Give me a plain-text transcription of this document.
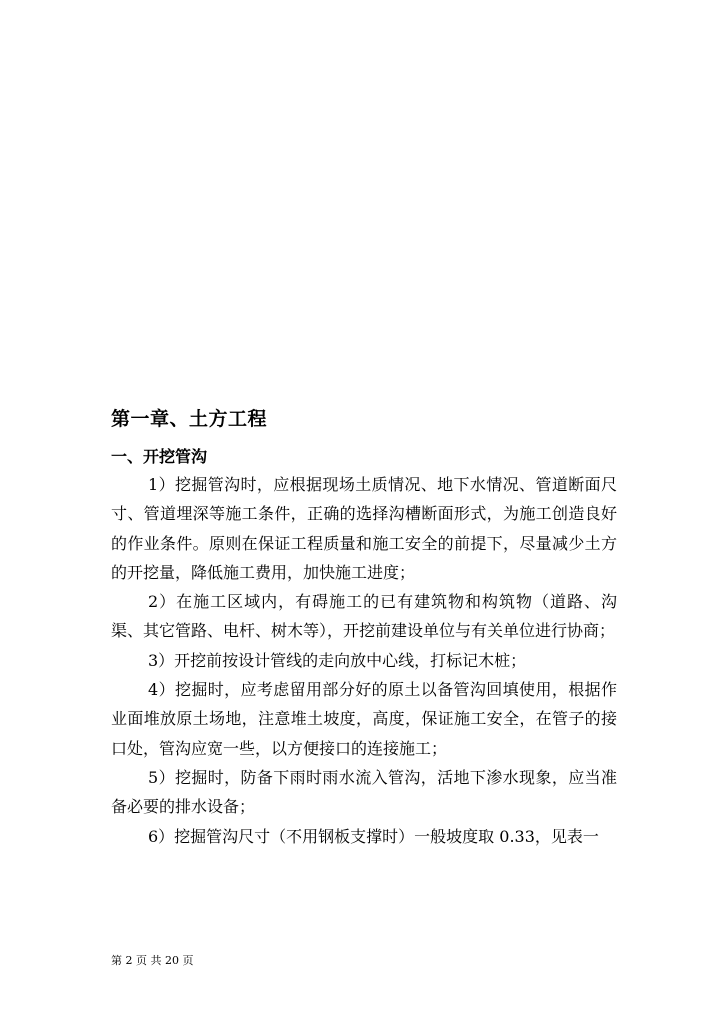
第一章、土方工程
一、开挖管沟

1）挖掘管沟时，应根据现场土质情况、地下水情况、管道断面尺寸、管道埋深等施工条件，正确的选择沟槽断面形式，为施工创造良好的作业条件。原则在保证工程质量和施工安全的前提下，尽量减少土方的开挖量，降低施工费用，加快施工进度；

2）在施工区域内，有碍施工的已有建筑物和构筑物（道路、沟渠、其它管路、电杆、树木等），开挖前建设单位与有关单位进行协商；

3）开挖前按设计管线的走向放中心线，打标记木桩；

4）挖掘时，应考虑留用部分好的原土以备管沟回填使用，根据作业面堆放原土场地，注意堆土坡度，高度，保证施工安全，在管子的接口处，管沟应宽一些，以方便接口的连接施工；

5）挖掘时，防备下雨时雨水流入管沟，活地下渗水现象，应当准备必要的排水设备；

6）挖掘管沟尺寸（不用钢板支撑时）一般坡度取 0.33，见表一

第 2 页 共 20 页
